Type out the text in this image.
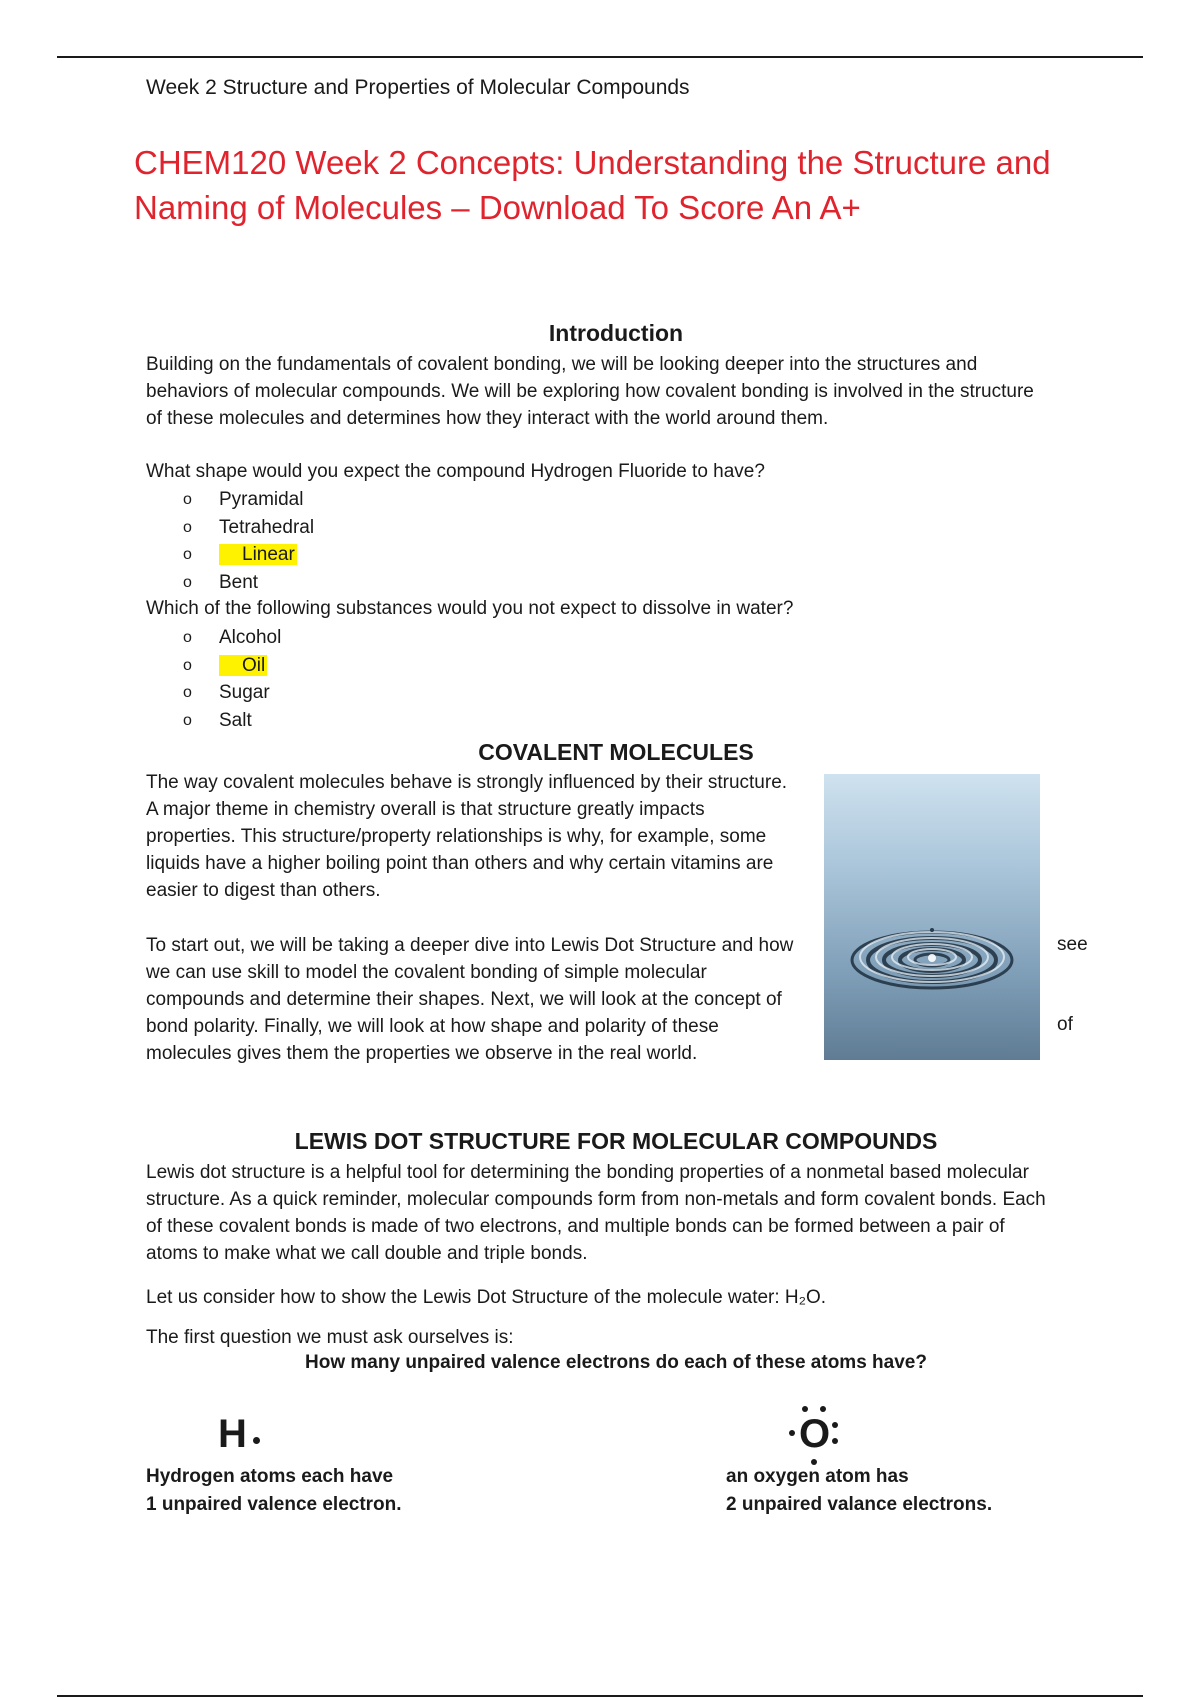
Week 2 Structure and Properties of Molecular Compounds
CHEM120 Week 2 Concepts: Understanding the Structure and Naming of Molecules – Download To Score An A+
Introduction
Building on the fundamentals of covalent bonding, we will be looking deeper into the structures and behaviors of molecular compounds. We will be exploring how covalent bonding is involved in the structure of these molecules and determines how they interact with the world around them.
What shape would you expect the compound Hydrogen Fluoride to have?
o Pyramidal
o Tetrahedral
o Linear
o Bent
Which of the following substances would you not expect to dissolve in water?
o Alcohol
o Oil
o Sugar
o Salt
COVALENT MOLECULES
The way covalent molecules behave is strongly influenced by their structure. A major theme in chemistry overall is that structure greatly impacts properties. This structure/property relationships is why, for example, some liquids have a higher boiling point than others and why certain vitamins are easier to digest than others.
To start out, we will be taking a deeper dive into Lewis Dot Structure and how we can use skill to model the covalent bonding of simple molecular compounds and determine their shapes. Next, we will look at the concept of bond polarity. Finally, we will look at how shape and polarity of these molecules gives them the properties we observe in the real world.
see
of
LEWIS DOT STRUCTURE FOR MOLECULAR COMPOUNDS
Lewis dot structure is a helpful tool for determining the bonding properties of a nonmetal based molecular structure. As a quick reminder, molecular compounds form from non-metals and form covalent bonds. Each of these covalent bonds is made of two electrons, and multiple bonds can be formed between a pair of atoms to make what we call double and triple bonds.
Let us consider how to show the Lewis Dot Structure of the molecule water: H₂O.
The first question we must ask ourselves is:
How many unpaired valence electrons do each of these atoms have?
H
Hydrogen atoms each have
1 unpaired valence electron.
O
an oxygen atom has
2 unpaired valance electrons.
